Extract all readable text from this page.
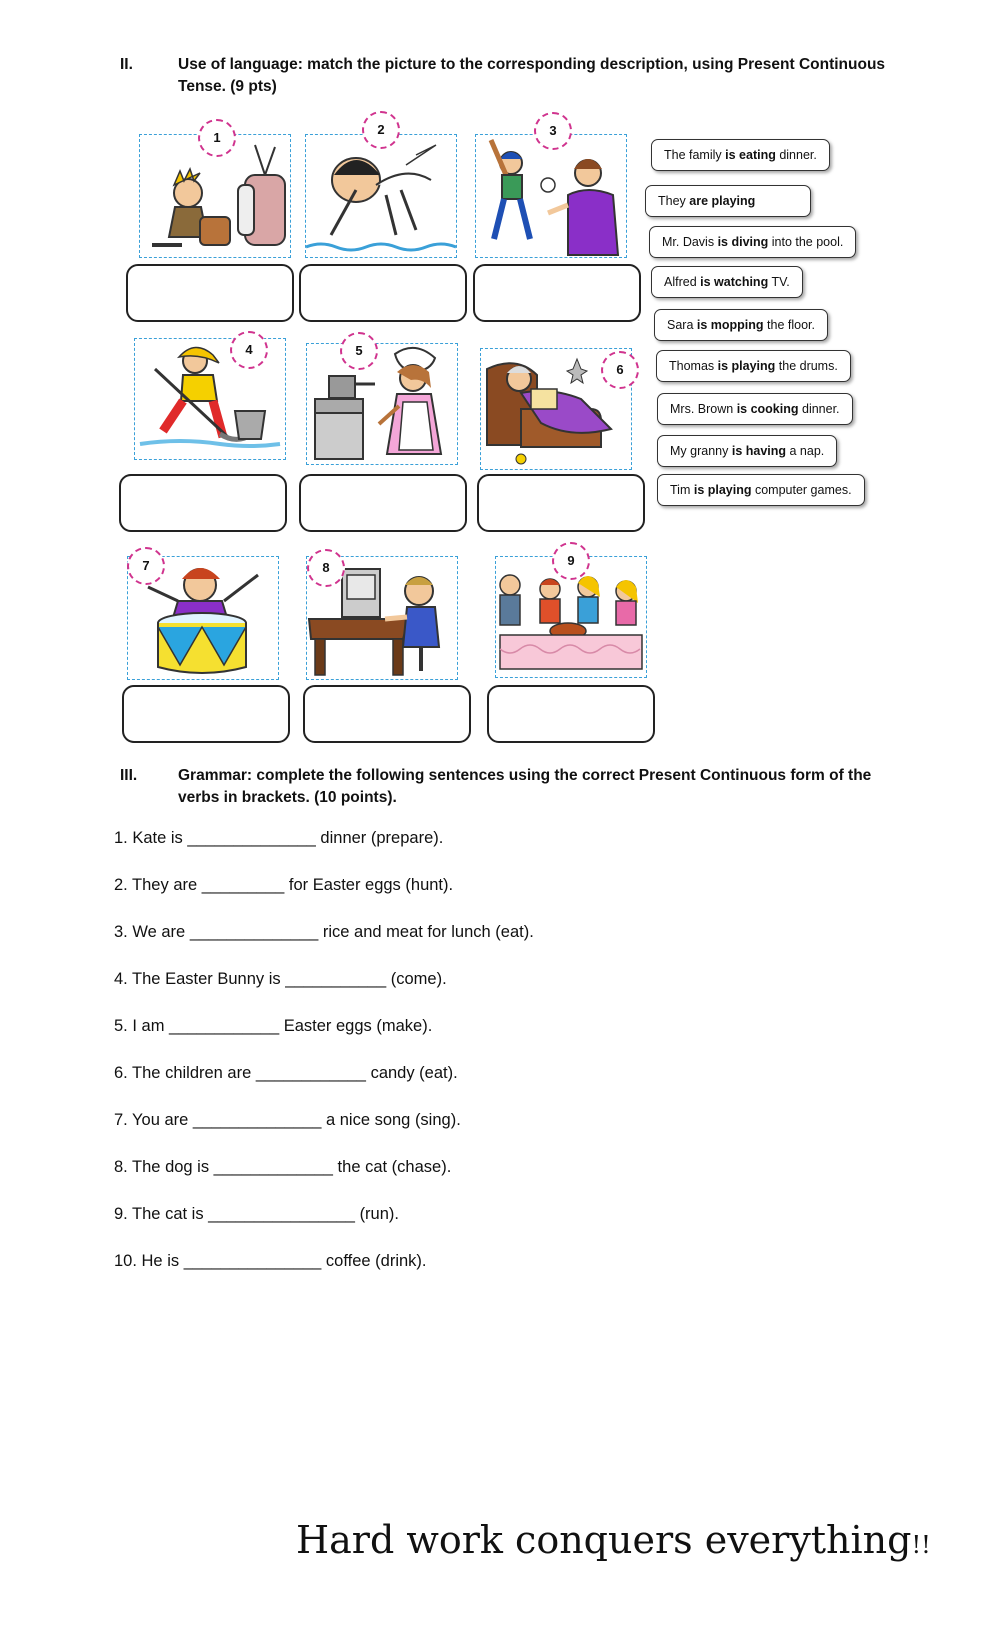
II.	Use of language: match the picture to the corresponding description, using Present Continuous Tense. (9 pts)
1
2	3
4	5
6
7	8	9
The family is eating dinner.
They are playing
Mr. Davis is diving into the pool.
Alfred is watching TV.
Sara is mopping the floor.
Thomas is playing the drums.
Mrs. Brown is cooking dinner.
My granny is having a nap.
Tim is playing computer games.
III.	Grammar: complete the following sentences using the correct Present Continuous form of the verbs in brackets. (10 points).
1. Kate is ______________ dinner (prepare).
2. They are _________ for Easter eggs (hunt).
3. We are ______________ rice and meat for lunch (eat).
4. The Easter Bunny is ___________ (come).
5. I am ____________ Easter eggs (make).
6. The children are ____________ candy (eat).
7. You are ______________ a nice song (sing).
8. The dog is _____________ the cat (chase).
9. The cat is ________________ (run).
10. He is _______________ coffee (drink).
Hard work conquers everything!!
